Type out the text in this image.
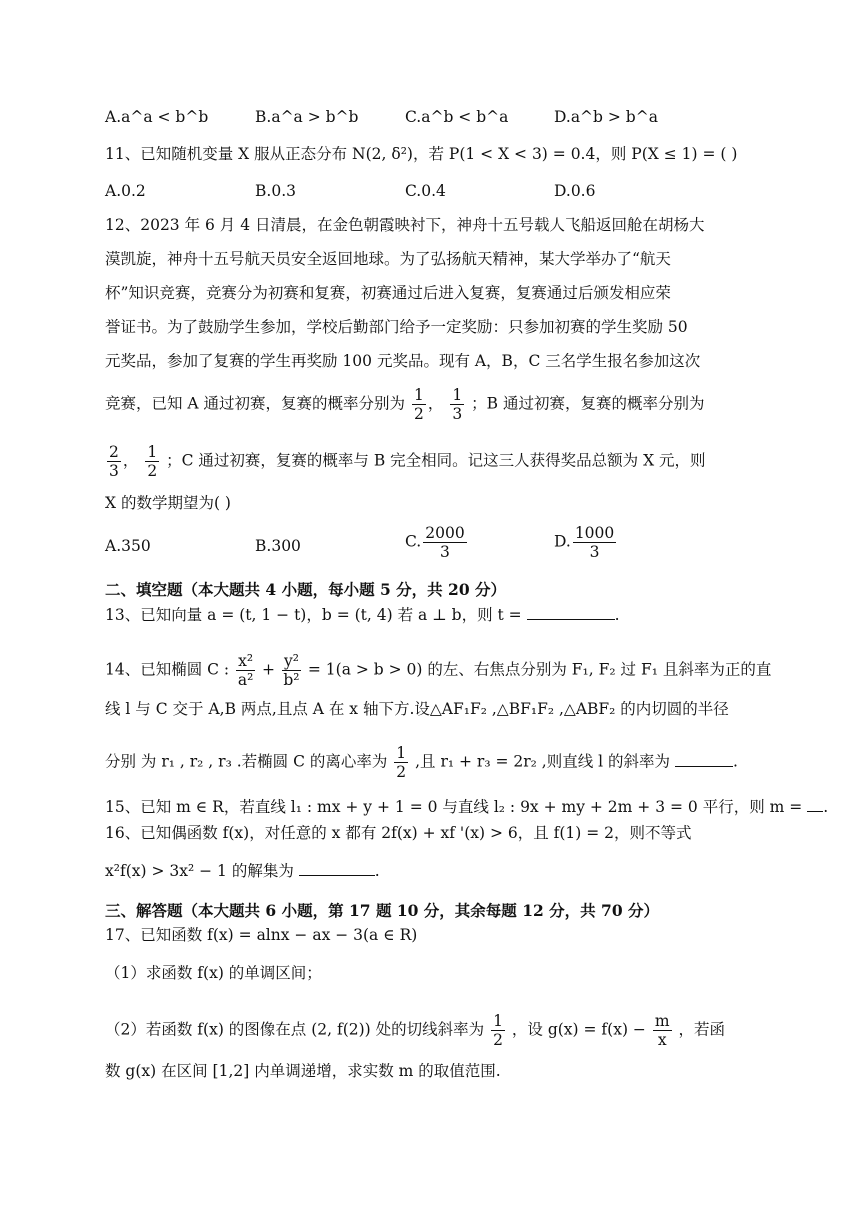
A.a^a < b^b	B.a^a > b^b	C.a^b < b^a	D.a^b > b^a
11、已知随机变量 X 服从正态分布 N(2, δ²)，若 P(1 < X < 3) = 0.4，则 P(X ≤ 1) = ( )
A.0.2	B.0.3	C.0.4	D.0.6
12、2023 年 6 月 4 日清晨，在金色朝霞映衬下，神舟十五号载人飞船返回舱在胡杨大
漠凯旋，神舟十五号航天员安全返回地球。为了弘扬航天精神，某大学举办了“航天
杯”知识竞赛，竞赛分为初赛和复赛，初赛通过后进入复赛，复赛通过后颁发相应荣
誉证书。为了鼓励学生参加，学校后勤部门给予一定奖励：只参加初赛的学生奖励 50
元奖品，参加了复赛的学生再奖励 100 元奖品。现有 A，B，C 三名学生报名参加这次
竞赛，已知 A 通过初赛，复赛的概率分别为 $\frac{1}{2}$ ， $\frac{1}{3}$ ；B 通过初赛，复赛的概率分别为
$\frac{2}{3}$ ， $\frac{1}{2}$ ；C 通过初赛，复赛的概率与 B 完全相同。记这三人获得奖品总额为 X 元，则
X 的数学期望为( )
A.350	B.300	C. $\frac{2000}{3}$	D. $\frac{1000}{3}$
二、填空题（本大题共 4 小题，每小题 5 分，共 20 分）
13、已知向量 a = (t, 1 − t)，b = (t, 4) 若 a ⊥ b，则 t =	.
14、已知椭圆 C : $\frac{\text{x²}}{\text{a²}} + \frac{\text{y²}}{\text{b²}} = 1(a > b > 0)$ 的左、右焦点分别为 F₁, F₂ 过 F₁ 且斜率为正的直
线 l 与 C 交于 A,B 两点,且点 A 在 x 轴下方.设△AF₁F₂ ,△BF₁F₂ ,△ABF₂ 的内切圆的半径
分别 为 r₁ , r₂ , r₃ .若椭圆 C 的离心率为 $\frac{1}{2}$ ,且 r₁ + r₃ = 2r₂ ,则直线 l 的斜率为	.
15、已知 m ∈ R，若直线 l₁ : mx + y + 1 = 0 与直线 l₂ : 9x + my + 2m + 3 = 0 平行，则 m = .
16、已知偶函数 f(x)，对任意的 x 都有 2f(x) + xf '(x) > 6，且 f(1) = 2，则不等式
x²f(x) > 3x² − 1 的解集为	.
三、解答题（本大题共 6 小题，第 17 题 10 分，其余每题 12 分，共 70 分）
17、已知函数 f(x) = alnx − ax − 3(a ∈ R)
（1）求函数 f(x) 的单调区间；
（2）若函数 f(x) 的图像在点 (2, f(2)) 处的切线斜率为 $\frac{1}{2}$ ，设 $g(x) = f(x) - \frac{m}{x}$ ，若函
数 g(x) 在区间 [1,2] 内单调递增，求实数 m 的取值范围.
